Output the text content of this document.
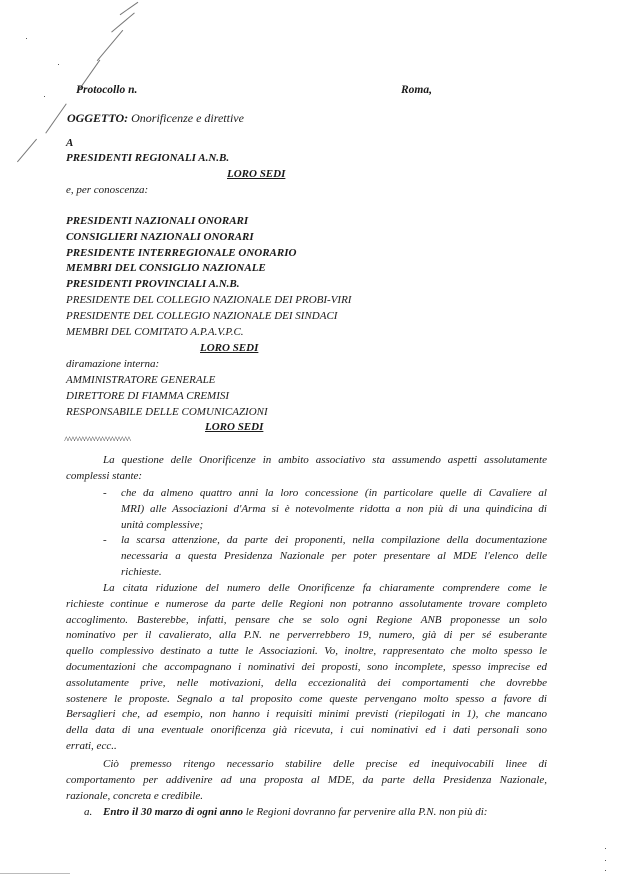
Protocollo n.	Roma,
OGGETTO: Onorificenze e direttive
A
PRESIDENTI REGIONALI A.N.B.
LORO SEDI
e, per conoscenza:
PRESIDENTI NAZIONALI ONORARI
CONSIGLIERI NAZIONALI ONORARI
PRESIDENTE INTERREGIONALE ONORARIO
MEMBRI DEL CONSIGLIO NAZIONALE
PRESIDENTI PROVINCIALI A.N.B.
PRESIDENTE DEL COLLEGIO NAZIONALE DEI PROBI-VIRI
PRESIDENTE DEL COLLEGIO NAZIONALE DEI SINDACI
MEMBRI DEL COMITATO A.P.A.V.P.C.
LORO SEDI
diramazione interna:
AMMINISTRATORE GENERALE
DIRETTORE DI FIAMMA CREMISI
RESPONSABILE DELLE COMUNICAZIONI
LORO SEDI
^^^^^^^^^^^^^^^^^^^^
La questione delle Onorificenze in ambito associativo sta assumendo aspetti assolutamente
complessi stante:
- che da almeno quattro anni la loro concessione (in particolare quelle di Cavaliere al
MRI) alle Associazioni d'Arma si è notevolmente ridotta a non più di una quindicina di
unità complessive;
- la scarsa attenzione, da parte dei proponenti, nella compilazione della documentazione
necessaria a questa Presidenza Nazionale per poter presentare al MDE l'elenco delle
richieste.
La citata riduzione del numero delle Onorificenze fa chiaramente comprendere come le
richieste continue e numerose da parte delle Regioni non potranno assolutamente trovare completo
accoglimento. Basterebbe, infatti, pensare che se solo ogni Regione ANB proponesse un solo
nominativo per il cavalierato, alla P.N. ne perverrebbero 19, numero, già di per sé esuberante
quello complessivo destinato a tutte le Associazioni. Vo, inoltre, rappresentato che molto spesso le
documentazioni che accompagnano i nominativi dei proposti, sono incomplete, spesso imprecise ed
assolutamente prive, nelle motivazioni, della eccezionalità dei comportamenti che dovrebbe
sostenere le proposte. Segnalo a tal proposito come queste pervengano molto spesso a favore di
Bersaglieri che, ad esempio, non hanno i requisiti minimi previsti (riepilogati in 1), che mancano
della data di una eventuale onorificenza già ricevuta, i cui nominativi ed i dati personali sono
errati, ecc..
Ciò premesso ritengo necessario stabilire delle precise ed inequivocabili linee di
comportamento per addivenire ad una proposta al MDE, da parte della Presidenza Nazionale,
razionale, concreta e credibile.
a. Entro il 30 marzo di ogni anno le Regioni dovranno far pervenire alla P.N. non più di:
